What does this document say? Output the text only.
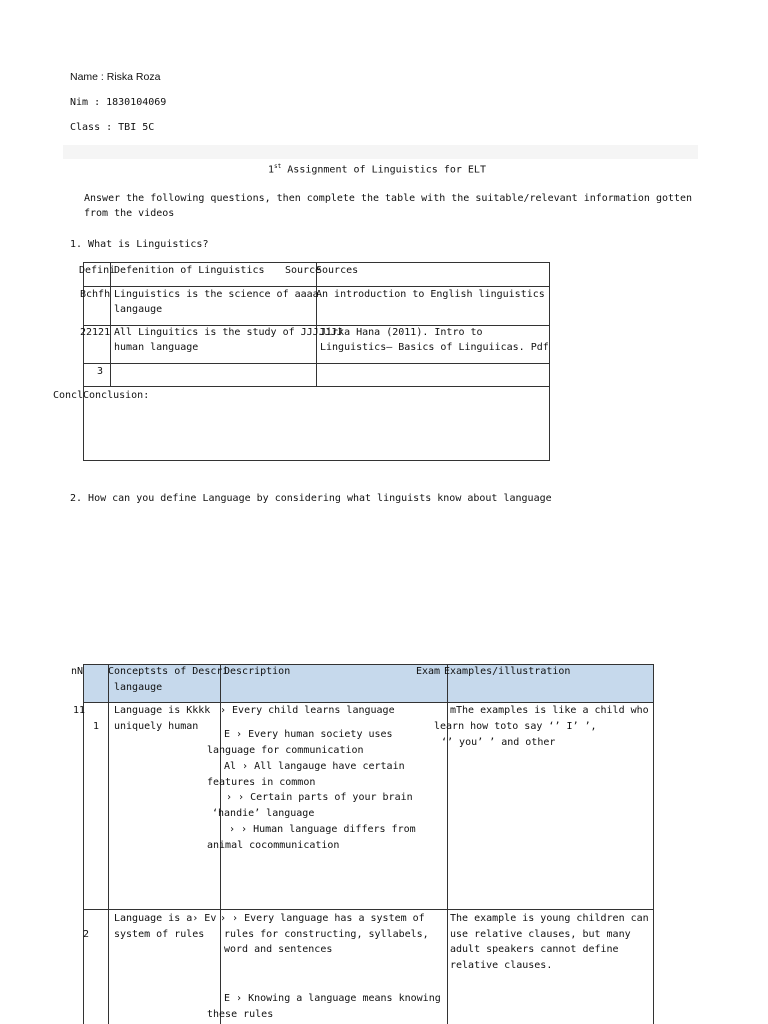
Name : Riska Roza
Nim : 1830104069
Class : TBI 5C
1st Assignment of Linguistics for ELT
Answer the following questions, then complete the table with the suitable/relevant information gotten
from the videos
1. What is Linguistics?
Defini
Defenition of Linguistics Source
Sources
Bchfh Linguistics is the science of aaaa
langauge
An introduction to English linguistics
22121 All Linguitics is the study of JJJJJJJ
human language
Jirka Hana (2011). Intro to
Linguistics– Basics of Linguiicas. Pdf
3
Concl Conclusion:
2. How can you define Language by considering what linguists know about language
nN Conceptsts of Descri
langauge
Description	Exam Examples/illustration
11
1
Language is Kkkk
uniquely human
› Every child learns language
E › Every human society uses
language for communication
Al › All langauge have certain
features in common
› › Certain parts of your brain
‘handie’ language
› › Human language differs from
animal cocommunication
mThe examples is like a child who
learn how toto say ‘’ I’ ’,
‘’ you’ ’ and other
2
Language is a› Ev
system of rules
› › Every language has a system of
rules for constructing, syllabels,
word and sentences
E › Knowing a language means knowing
these rules
The example is young children can
use relative clauses, but many
adult speakers cannot define
relative clauses.
